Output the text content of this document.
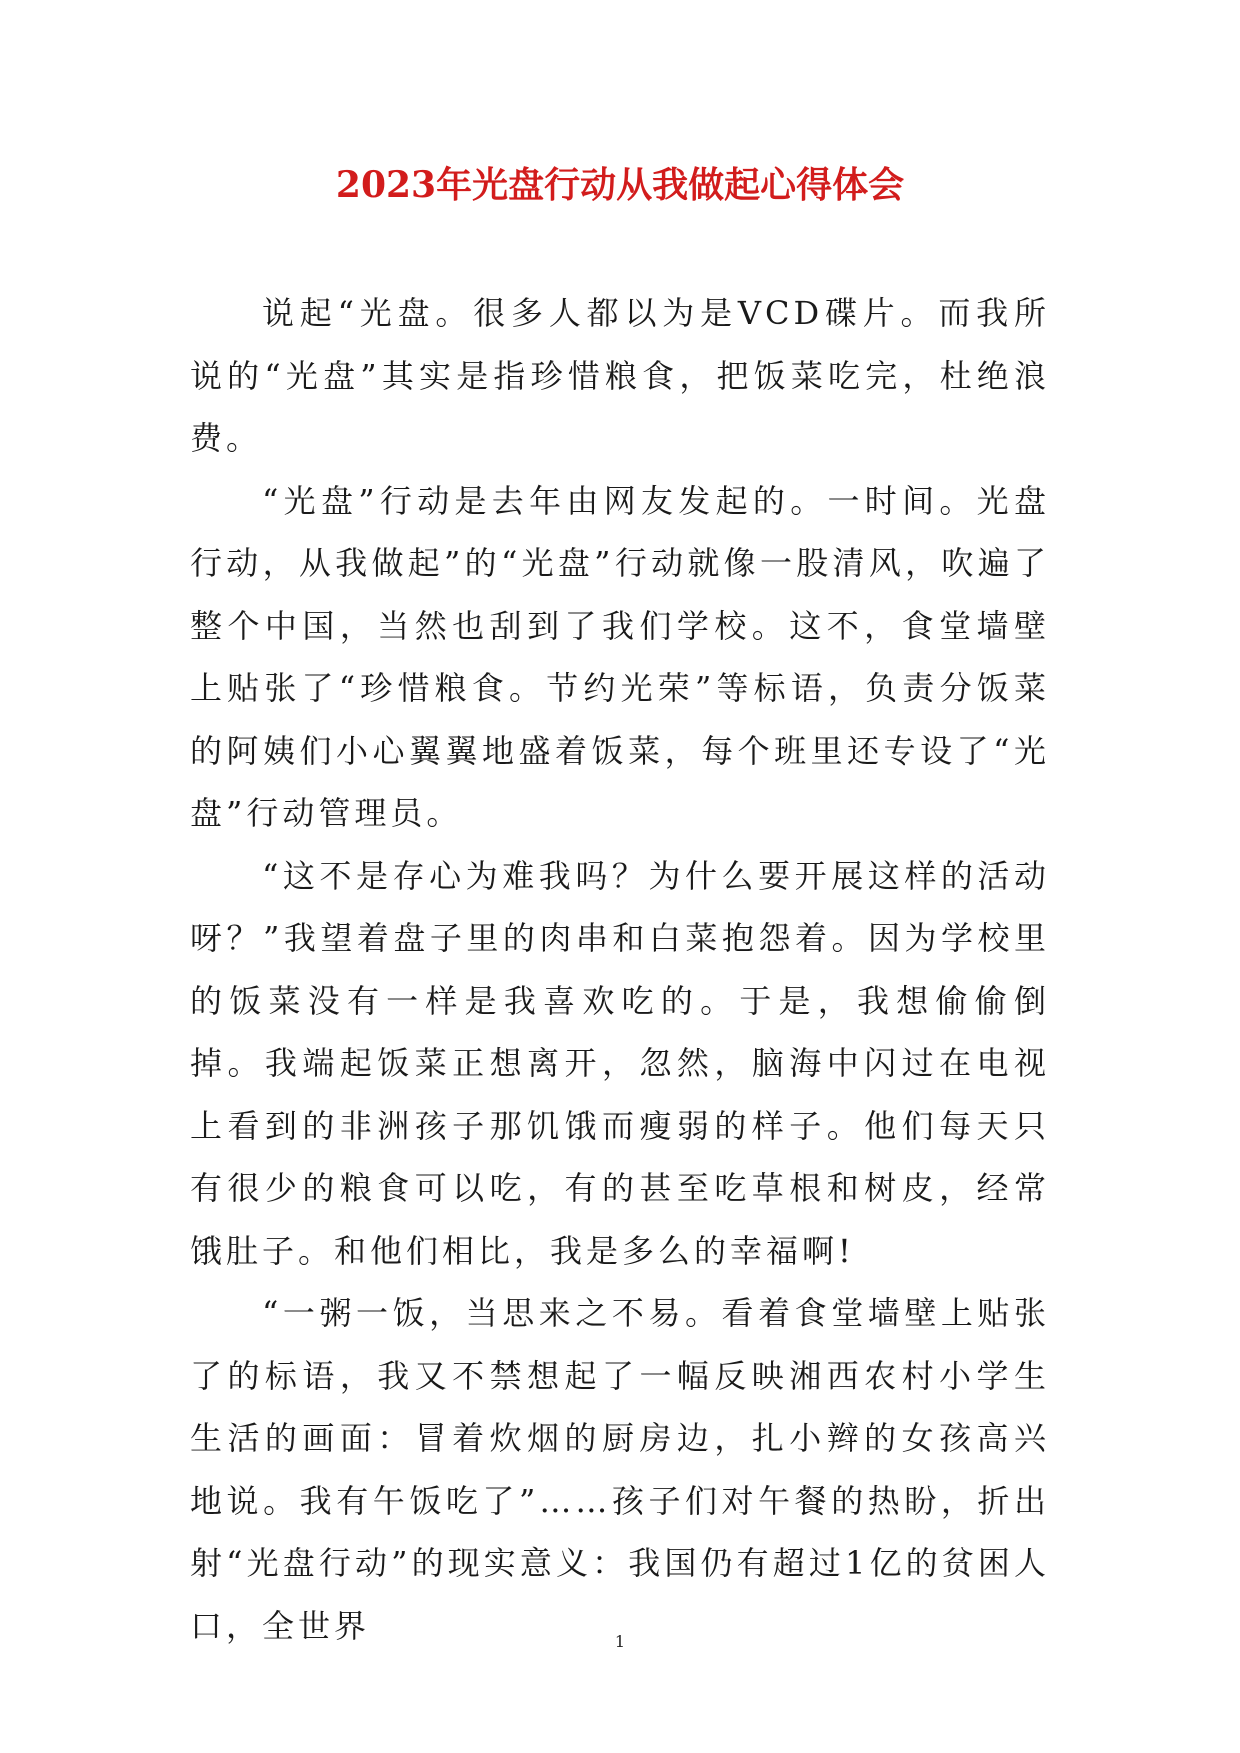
2023年光盘行动从我做起心得体会

说起“光盘。很多人都以为是VCD碟片。而我所说的“光盘”其实是指珍惜粮食，把饭菜吃完，杜绝浪费。

“光盘”行动是去年由网友发起的。一时间。光盘行动，从我做起”的“光盘”行动就像一股清风，吹遍了整个中国，当然也刮到了我们学校。这不，食堂墙壁上贴张了“珍惜粮食。节约光荣”等标语，负责分饭菜的阿姨们小心翼翼地盛着饭菜，每个班里还专设了“光盘”行动管理员。

“这不是存心为难我吗？为什么要开展这样的活动呀？”我望着盘子里的肉串和白菜抱怨着。因为学校里的饭菜没有一样是我喜欢吃的。于是，我想偷偷倒掉。我端起饭菜正想离开，忽然，脑海中闪过在电视上看到的非洲孩子那饥饿而瘦弱的样子。他们每天只有很少的粮食可以吃，有的甚至吃草根和树皮，经常饿肚子。和他们相比，我是多么的幸福啊!

“一粥一饭，当思来之不易。看着食堂墙壁上贴张了的标语，我又不禁想起了一幅反映湘西农村小学生生活的画面：冒着炊烟的厨房边，扎小辫的女孩高兴地说。我有午饭吃了”……孩子们对午餐的热盼，折出射“光盘行动”的现实意义：我国仍有超过1亿的贫困人口，全世界	1
